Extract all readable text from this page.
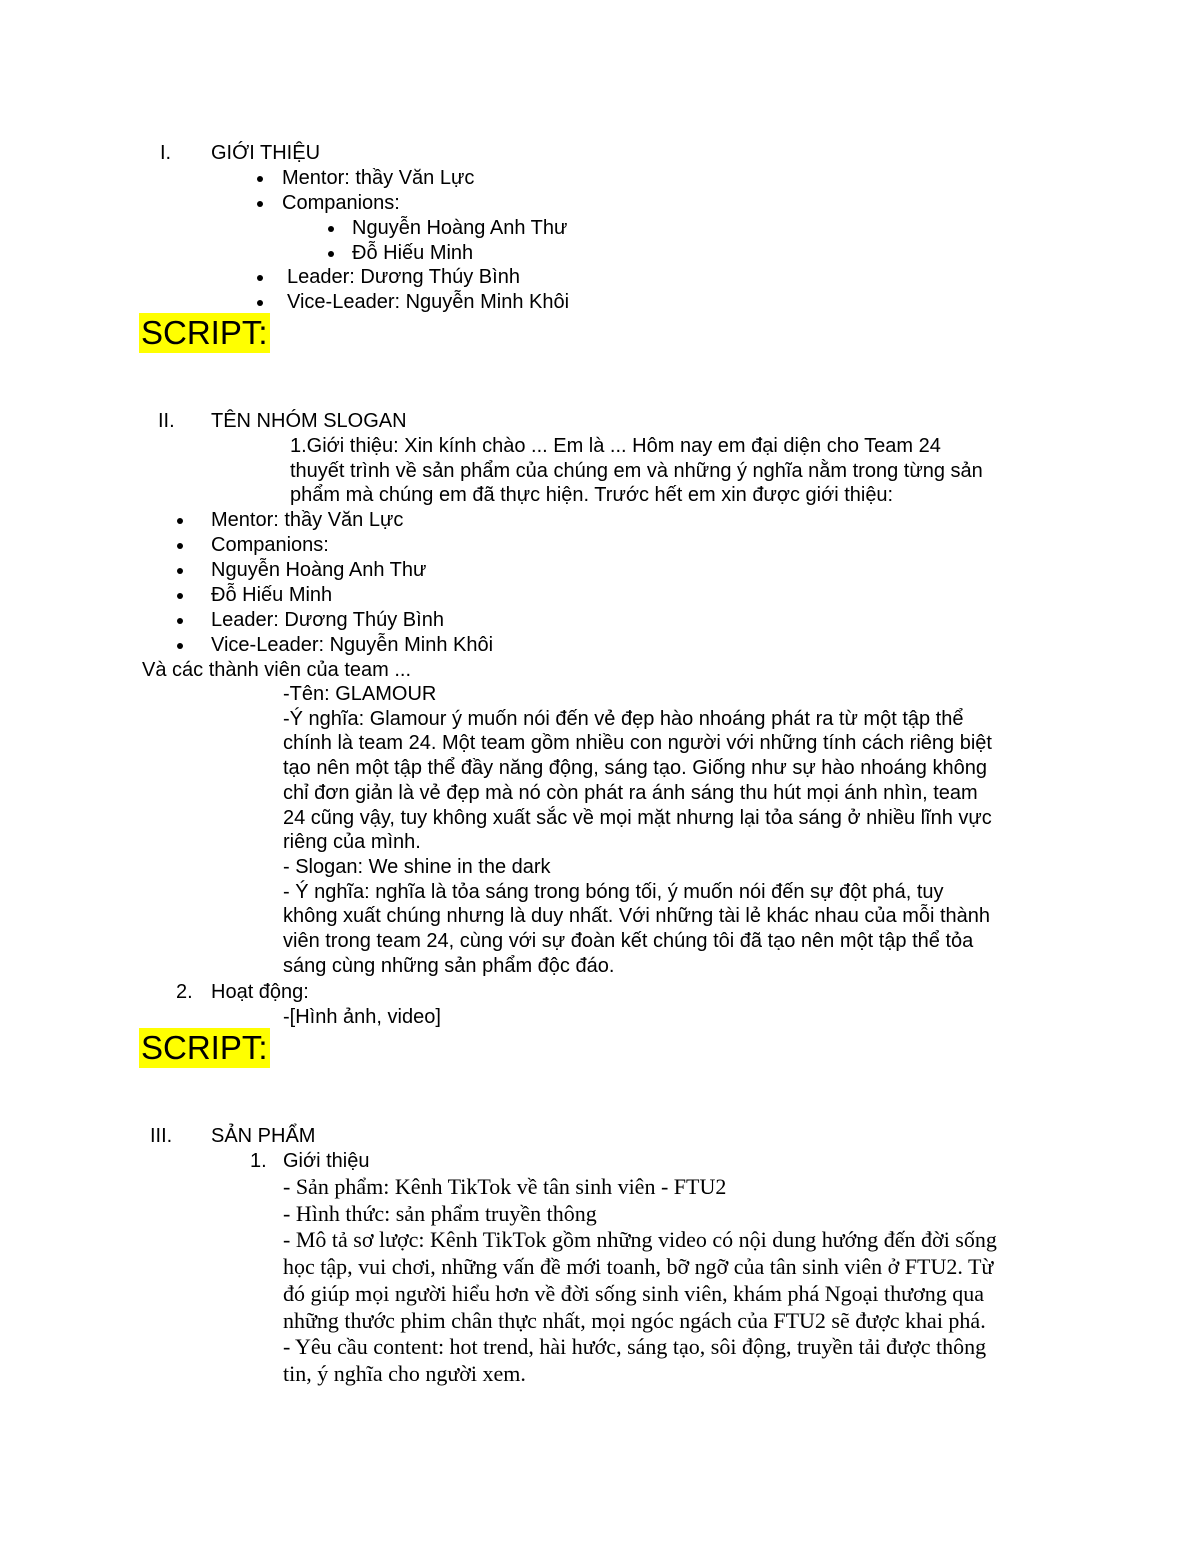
I. GIỚI THIỆU
Mentor: thầy Văn Lực
Companions:
Nguyễn Hoàng Anh Thư
Đỗ Hiếu Minh
Leader: Dương Thúy Bình
Vice-Leader: Nguyễn Minh Khôi
SCRIPT:
II. TÊN NHÓM SLOGAN
1.Giới thiệu: Xin kính chào ... Em là ... Hôm nay em đại diện cho Team 24
thuyết trình về sản phẩm của chúng em và những ý nghĩa nằm trong từng sản
phẩm mà chúng em đã thực hiện. Trước hết em xin được giới thiệu:
Mentor: thầy Văn Lực
Companions:
Nguyễn Hoàng Anh Thư
Đỗ Hiếu Minh
Leader: Dương Thúy Bình
Vice-Leader: Nguyễn Minh Khôi
Và các thành viên của team ...
-Tên: GLAMOUR
-Ý nghĩa: Glamour ý muốn nói đến vẻ đẹp hào nhoáng phát ra từ một tập thể
chính là team 24. Một team gồm nhiều con người với những tính cách riêng biệt
tạo nên một tập thể đầy năng động, sáng tạo. Giống như sự hào nhoáng không
chỉ đơn giản là vẻ đẹp mà nó còn phát ra ánh sáng thu hút mọi ánh nhìn, team
24 cũng vậy, tuy không xuất sắc về mọi mặt nhưng lại tỏa sáng ở nhiều lĩnh vực
riêng của mình.
- Slogan: We shine in the dark
- Ý nghĩa: nghĩa là tỏa sáng trong bóng tối, ý muốn nói đến sự đột phá, tuy
không xuất chúng nhưng là duy nhất. Với những tài lẻ khác nhau của mỗi thành
viên trong team 24, cùng với sự đoàn kết chúng tôi đã tạo nên một tập thể tỏa
sáng cùng những sản phẩm độc đáo.
2. Hoạt động:
-[Hình ảnh, video]
SCRIPT:
III. SẢN PHẨM
1. Giới thiệu
- Sản phẩm: Kênh TikTok về tân sinh viên - FTU2
- Hình thức: sản phẩm truyền thông
- Mô tả sơ lược: Kênh TikTok gồm những video có nội dung hướng đến đời sống
học tập, vui chơi, những vấn đề mới toanh, bỡ ngỡ của tân sinh viên ở FTU2. Từ
đó giúp mọi người hiểu hơn về đời sống sinh viên, khám phá Ngoại thương qua
những thước phim chân thực nhất, mọi ngóc ngách của FTU2 sẽ được khai phá.
- Yêu cầu content: hot trend, hài hước, sáng tạo, sôi động, truyền tải được thông
tin, ý nghĩa cho người xem.
